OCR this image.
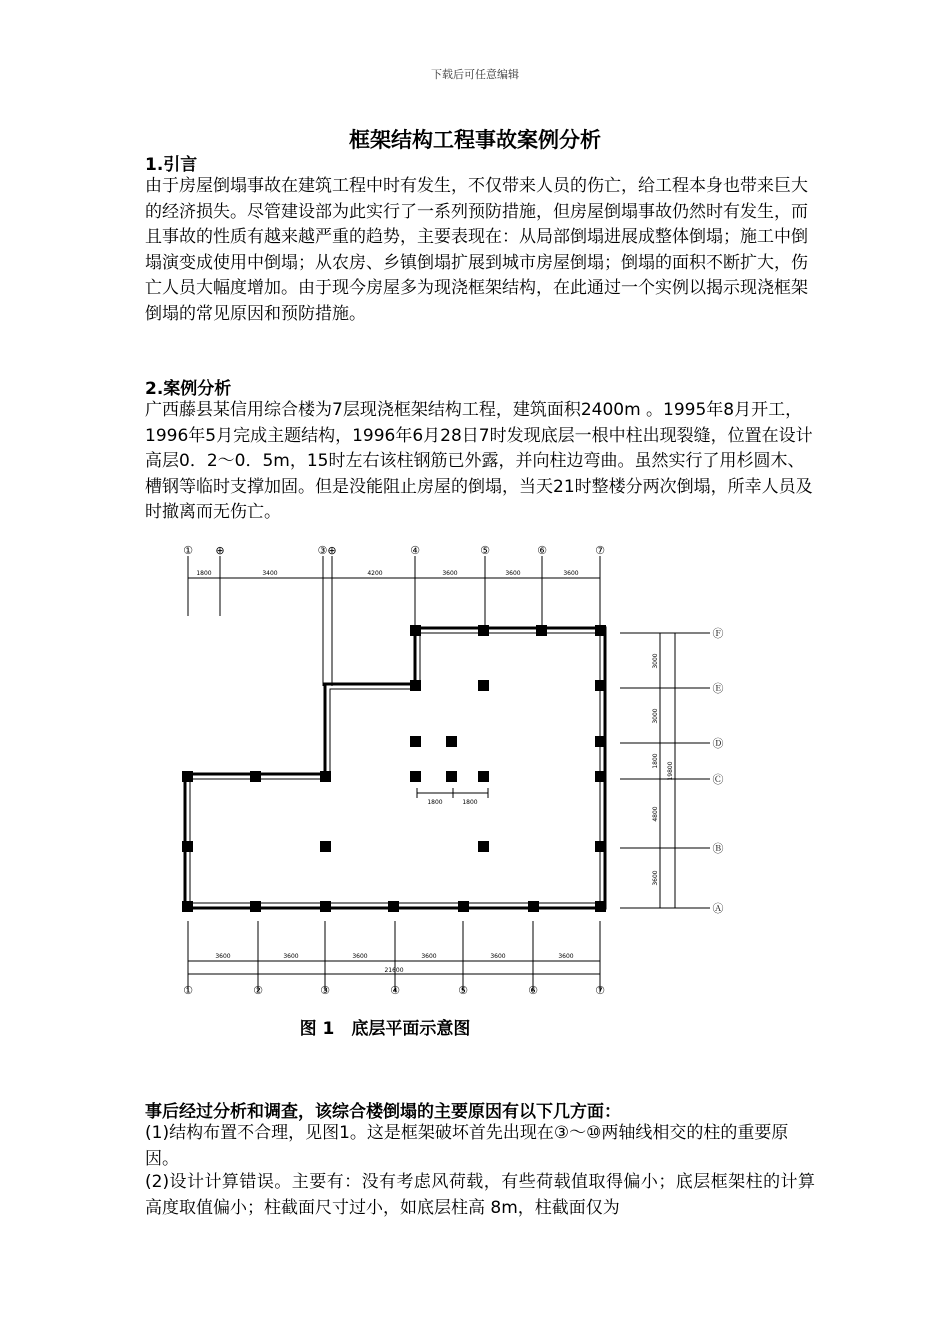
下载后可任意编辑
框架结构工程事故案例分析
1.引言
由于房屋倒塌事故在建筑工程中时有发生，不仅带来人员的伤亡，给工程本身也带来巨大的经济损失。尽管建设部为此实行了一系列预防措施，但房屋倒塌事故仍然时有发生，而且事故的性质有越来越严重的趋势，主要表现在：从局部倒塌进展成整体倒塌；施工中倒塌演变成使用中倒塌；从农房、乡镇倒塌扩展到城市房屋倒塌；倒塌的面积不断扩大，伤亡人员大幅度增加。由于现今房屋多为现浇框架结构，在此通过一个实例以揭示现浇框架倒塌的常见原因和预防措施。
2.案例分析
广西藤县某信用综合楼为7层现浇框架结构工程，建筑面积2400m 。1995年8月开工，1996年5月完成主题结构，1996年6月28日7时发现底层一根中柱出现裂缝，位置在设计高层0．2～0．5m，15时左右该柱钢筋已外露，并向柱边弯曲。虽然实行了用杉圆木、槽钢等临时支撑加固。但是没能阻止房屋的倒塌，当天21时整楼分两次倒塌，所幸人员及时撤离而无伤亡。
① ⊕	③⊕	④	⑤	⑥	⑦
1800	3400	4200	3600	3600	3600
1800	1800
3600	3600	3600	3600	3600	3600
21600
3000
3000
1800
4800
3600
19800
Ⓕ
Ⓔ
Ⓓ
Ⓒ
Ⓑ
Ⓐ
①	②	③	④	⑤	⑥	⑦
图 1　底层平面示意图
事后经过分析和调查，该综合楼倒塌的主要原因有以下几方面：
(1)结构布置不合理，见图1。这是框架破坏首先出现在③～⑩两轴线相交的柱的重要原因。
(2)设计计算错误。主要有：没有考虑风荷载，有些荷载值取得偏小；底层框架柱的计算高度取值偏小；柱截面尺寸过小，如底层柱高 8m，柱截面仅为
